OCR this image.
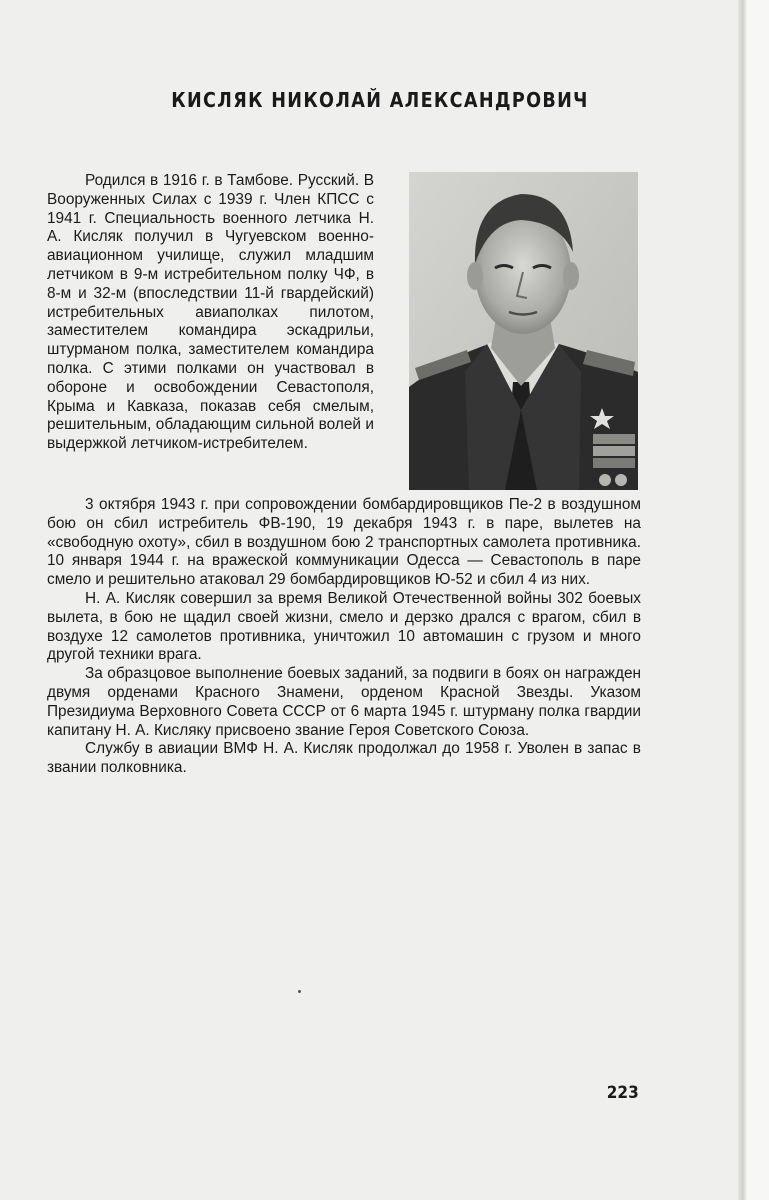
КИСЛЯК НИКОЛАЙ АЛЕКСАНДРОВИЧ
Родился в 1916 г. в Тамбове. Русский. В Вооруженных Силах с 1939 г. Член КПСС с 1941 г. Специальность военного летчика Н. А. Кисляк получил в Чугуевском военно-авиационном училище, служил младшим летчиком в 9-м истребительном полку ЧФ, в 8-м и 32-м (впоследствии 11-й гвардейский) истребительных авиаполках пилотом, заместителем командира эскадрильи, штурманом полка, заместителем командира полка. С этими полками он участвовал в обороне и освобождении Севастополя, Крыма и Кавказа, показав себя смелым, решительным, обладающим сильной волей и выдержкой летчиком-истребителем.

3 октября 1943 г. при сопровождении бомбардировщиков Пе-2 в воздушном бою он сбил истребитель ФВ-190, 19 декабря 1943 г. в паре, вылетев на «свободную охоту», сбил в воздушном бою 2 транспортных самолета противника. 10 января 1944 г. на вражеской коммуникации Одесса — Севастополь в паре смело и решительно атаковал 29 бомбардировщиков Ю-52 и сбил 4 из них.

Н. А. Кисляк совершил за время Великой Отечественной войны 302 боевых вылета, в бою не щадил своей жизни, смело и дерзко дрался с врагом, сбил в воздухе 12 самолетов противника, уничтожил 10 автомашин с грузом и много другой техники врага.

За образцовое выполнение боевых заданий, за подвиги в боях он награжден двумя орденами Красного Знамени, орденом Красной Звезды. Указом Президиума Верховного Совета СССР от 6 марта 1945 г. штурману полка гвардии капитану Н. А. Кисляку присвоено звание Героя Советского Союза.

Службу в авиации ВМФ Н. А. Кисляк продолжал до 1958 г. Уволен в запас в звании полковника.

223
